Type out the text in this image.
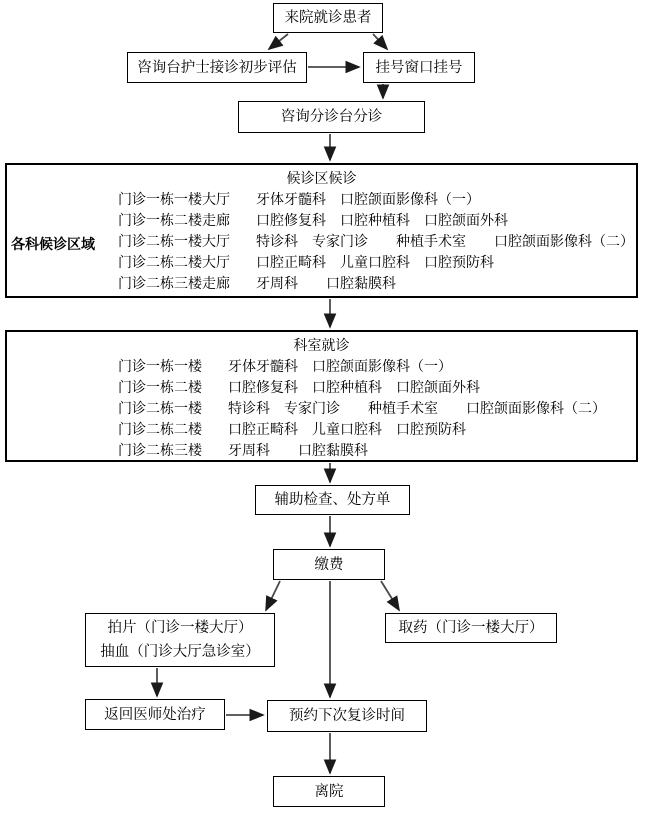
来院就诊患者
咨询台护士接诊初步评估	挂号窗口挂号
咨询分诊台分诊
各科候诊区域
候诊区候诊
门诊一栋一楼大厅 牙体牙髓科　口腔颌面影像科（一）
门诊一栋二楼走廊 口腔修复科　口腔种植科　口腔颌面外科
门诊二栋一楼大厅 特诊科　专家门诊　　种植手术室　　口腔颌面影像科（二）
门诊二栋二楼大厅 口腔正畸科　儿童口腔科　口腔预防科
门诊二栋三楼走廊 牙周科　　口腔黏膜科
科室就诊
门诊一栋一楼 牙体牙髓科　口腔颌面影像科（一）
门诊一栋二楼 口腔修复科　口腔种植科　口腔颌面外科
门诊二栋一楼 特诊科　专家门诊　　种植手术室　　口腔颌面影像科（二）
门诊二栋二楼 口腔正畸科　儿童口腔科　口腔预防科
门诊二栋三楼 牙周科　　口腔黏膜科
辅助检查、处方单
缴费
拍片（门诊一楼大厅）
抽血（门诊大厅急诊室）
取药（门诊一楼大厅）
返回医师处治疗	预约下次复诊时间
离院
